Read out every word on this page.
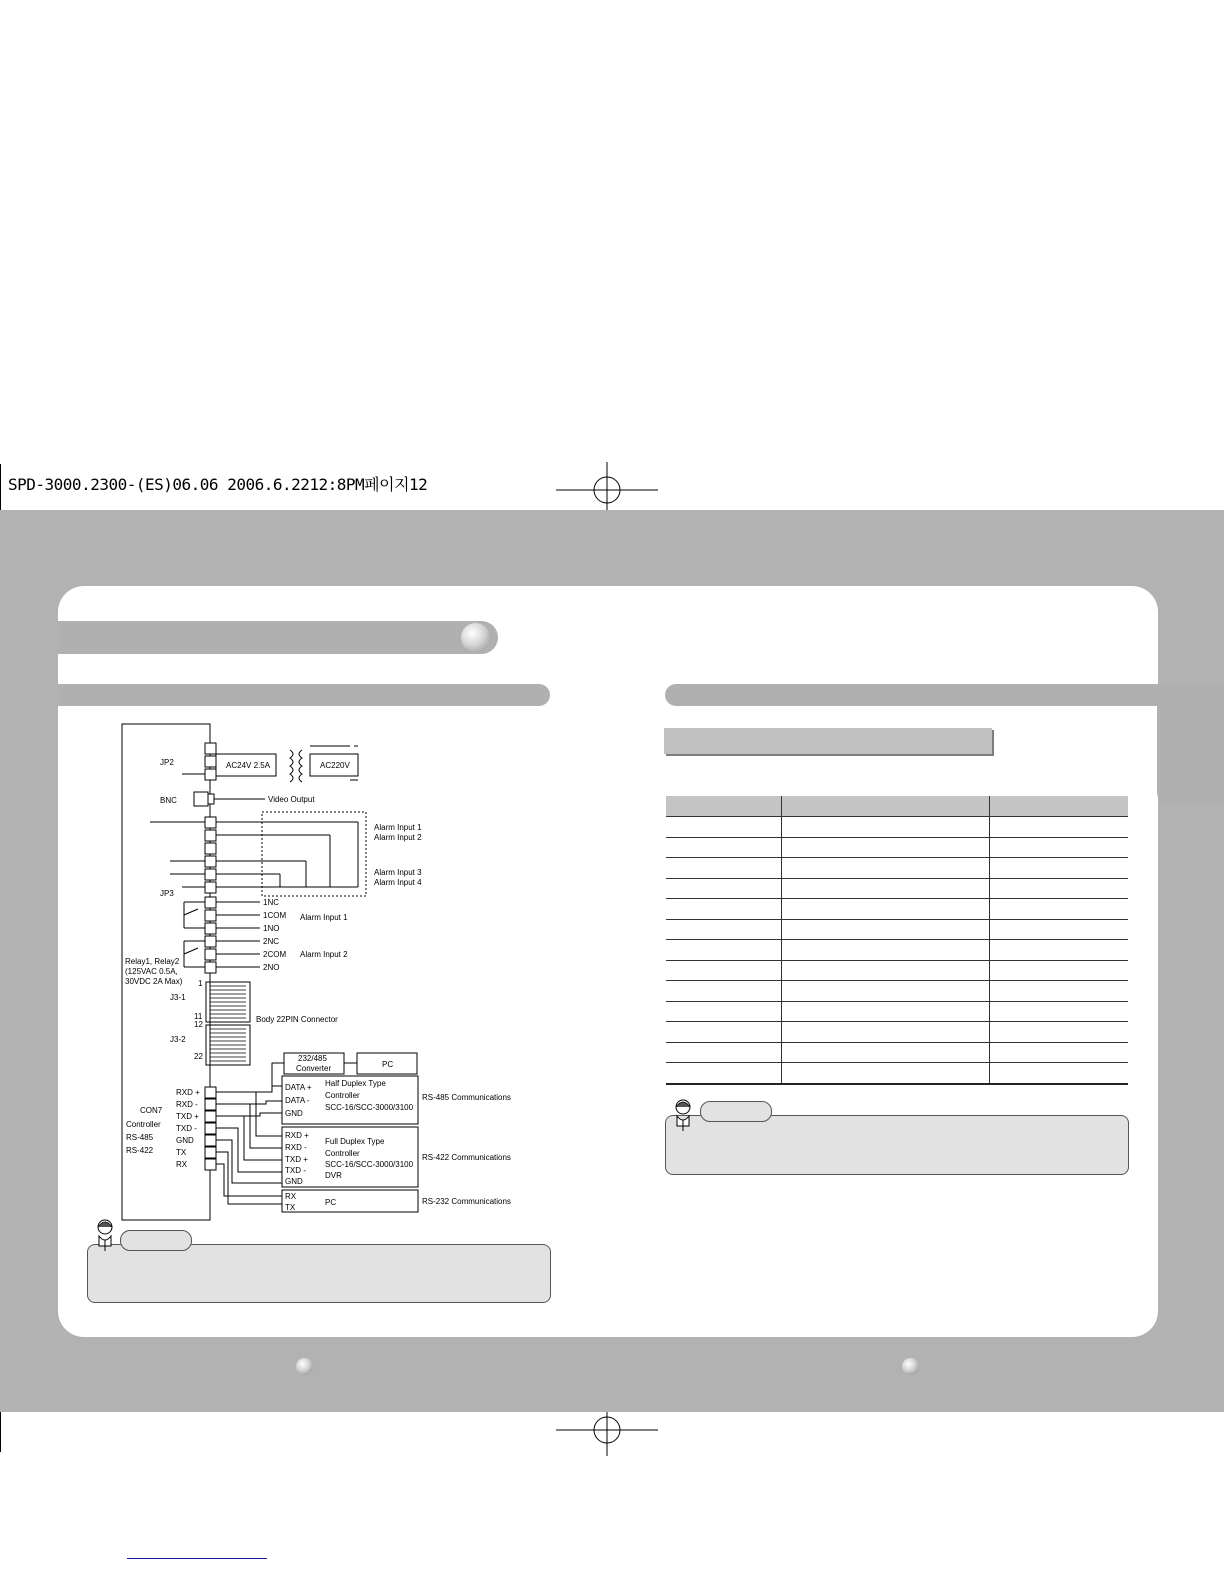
SPD-3000.2300-(ES)06.06 2006.6.2212:8PM페이지12
JP2	AC24V 2.5A	AC220V
BNC	Video Output
Alarm Input 1
Alarm Input 2
Alarm Input 3
Alarm Input 4
JP3
1NC
1COM
1NO
2NC
2COM
2NO
Alarm Input 1
Alarm Input 2
Relay1, Relay2
(125VAC 0.5A,
30VDC 2A Max)
J3-1
J3-2
1
11
12
22
Body 22PIN Connector
232/485
Converter	PC
CON7
Controller
RS-485
RS-422
RXD +
RXD -
TXD +
TXD -
GND
TX
RX
DATA +
DATA -
GND
Half Duplex Type
Controller
SCC-16/SCC-3000/3100
RXD +
RXD -
TXD +
TXD -
GND
Full Duplex Type
Controller
SCC-16/SCC-3000/3100
DVR
RX
TX
PC
RS-485 Communications
RS-422 Communications
RS-232 Communications
